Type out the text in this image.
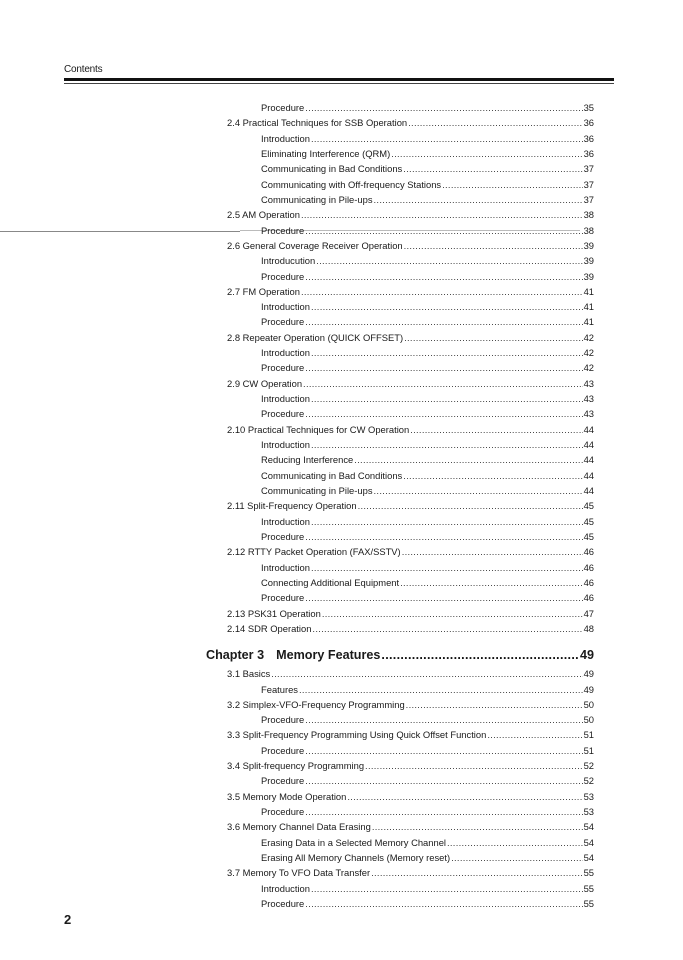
Contents
Procedure .....	35
2.4 Practical Techniques for SSB Operation .....	36
Introduction .....	36
Eliminating Interference (QRM) .....	36
Communicating in Bad Conditions .....	37
Communicating with Off-frequency Stations .....	37
Communicating in Pile-ups .....	37
2.5 AM Operation .....	38
Procedure .....	38
2.6 General Coverage Receiver Operation .....	39
Introducution .....	39
Procedure .....	39
2.7 FM Operation .....	41
Introduction .....	41
Procedure .....	41
2.8 Repeater Operation (QUICK OFFSET) .....	42
Introduction .....	42
Procedure .....	42
2.9 CW Operation .....	43
Introduction .....	43
Procedure .....	43
2.10 Practical Techniques for CW Operation .....	44
Introduction .....	44
Reducing Interference .....	44
Communicating in Bad Conditions .....	44
Communicating in Pile-ups .....	44
2.11 Split-Frequency Operation .....	45
Introduction .....	45
Procedure .....	45
2.12 RTTY Packet Operation (FAX/SSTV) .....	46
Introduction .....	46
Connecting Additional Equipment .....	46
Procedure .....	46
2.13 PSK31 Operation .....	47
2.14 SDR Operation .....	48
Chapter 3 Memory Features .....	49
3.1 Basics .....	49
Features .....	49
3.2 Simplex-VFO-Frequency Programming .....	50
Procedure .....	50
3.3 Split-Frequency Programming Using Quick Offset Function .....	51
Procedure .....	51
3.4 Split-frequency Programming .....	52
Procedure .....	52
3.5 Memory Mode Operation .....	53
Procedure .....	53
3.6 Memory Channel Data Erasing .....	54
Erasing Data in a Selected Memory Channel .....	54
Erasing All Memory Channels (Memory reset) .....	54
3.7 Memory To VFO Data Transfer .....	55
Introduction .....	55
Procedure .....	55
2
